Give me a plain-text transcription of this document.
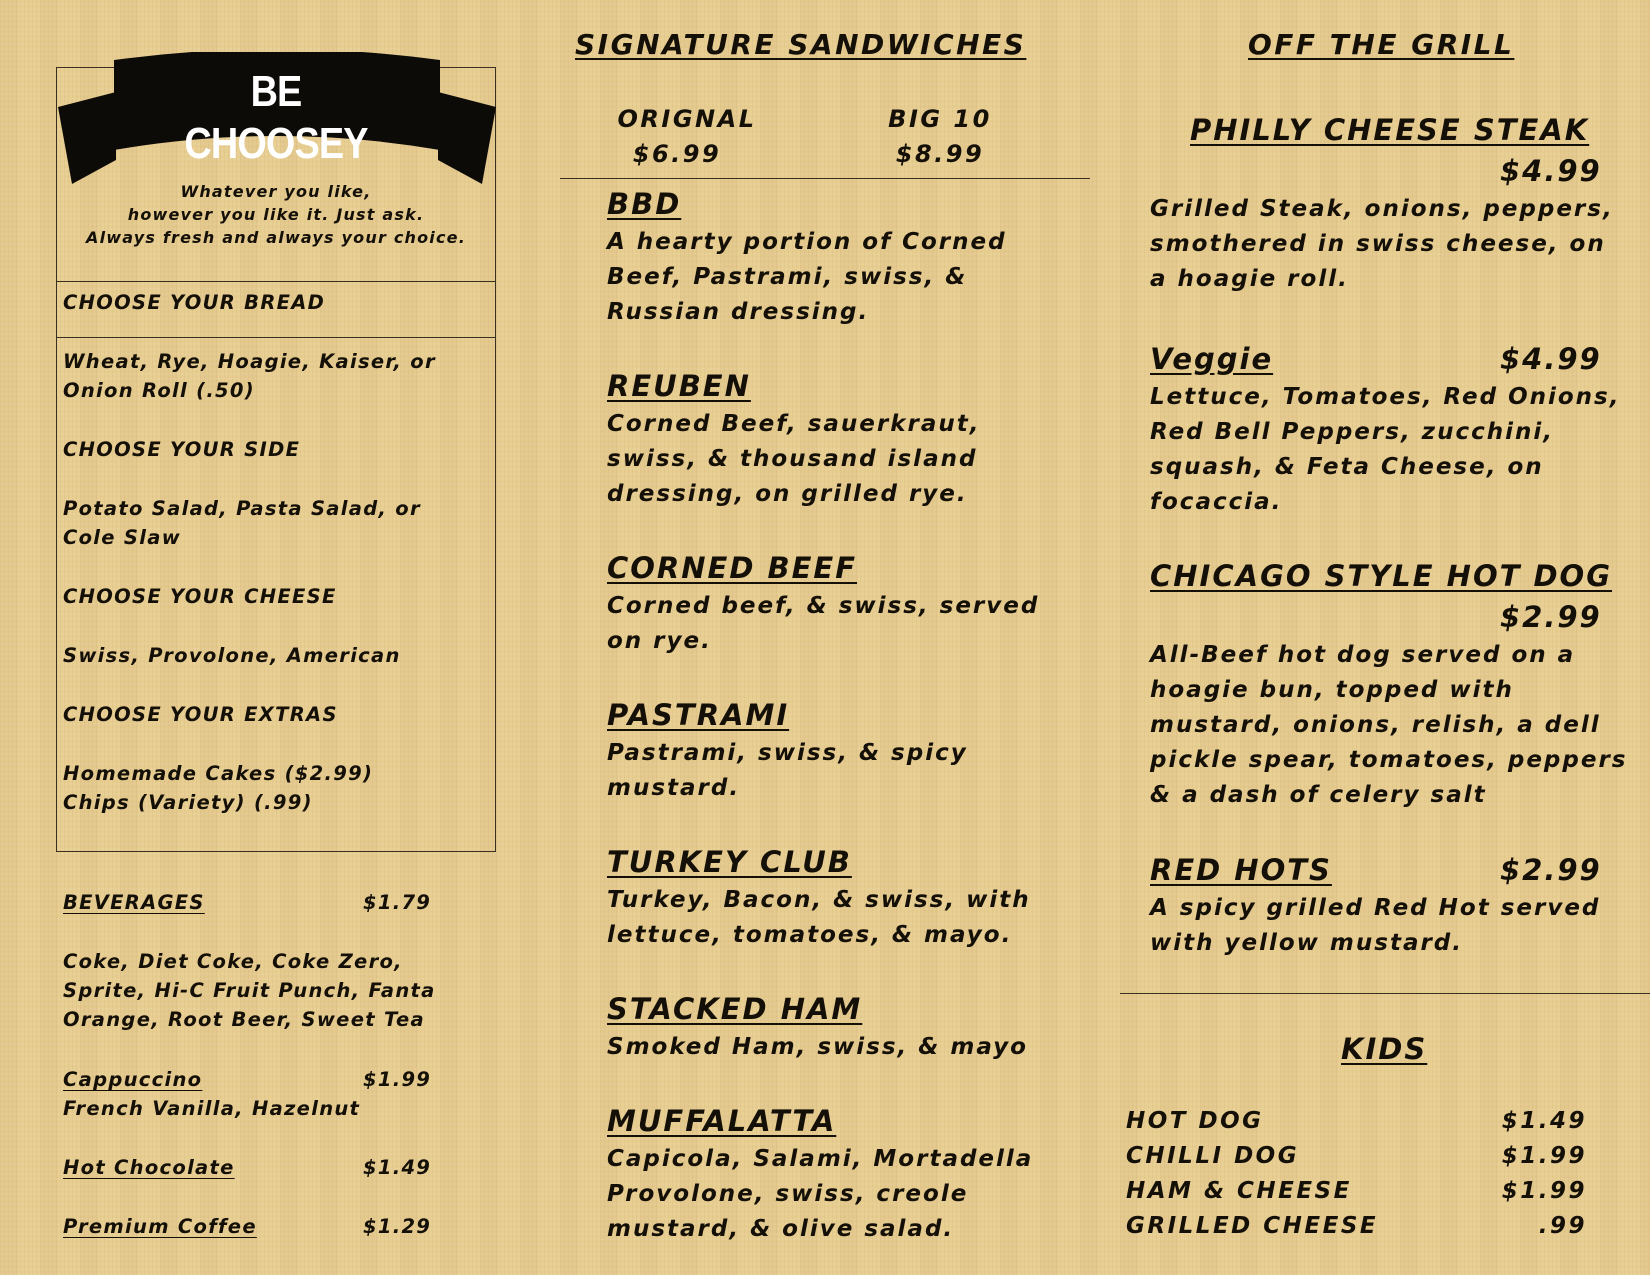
BE CHOOSEY
Whatever you like,
however you like it. Just ask.
Always fresh and always your choice.
CHOOSE YOUR BREAD
Wheat, Rye, Hoagie, Kaiser, or
Onion Roll (.50)
CHOOSE YOUR SIDE
Potato Salad, Pasta Salad, or
Cole Slaw
CHOOSE YOUR CHEESE
Swiss, Provolone, American
CHOOSE YOUR EXTRAS
Homemade Cakes ($2.99)
Chips (Variety) (.99)
BEVERAGES	$1.79
Coke, Diet Coke, Coke Zero,
Sprite, Hi-C Fruit Punch, Fanta
Orange, Root Beer, Sweet Tea
Cappuccino	$1.99
French Vanilla, Hazelnut
Hot Chocolate	$1.49
Premium Coffee	$1.29
SIGNATURE SANDWICHES
ORIGNAL
$6.99
BIG 10
$8.99
BBD
A hearty portion of Corned
Beef, Pastrami, swiss, &
Russian dressing.
REUBEN
Corned Beef, sauerkraut,
swiss, & thousand island
dressing, on grilled rye.
CORNED BEEF
Corned beef, & swiss, served
on rye.
PASTRAMI
Pastrami, swiss, & spicy
mustard.
TURKEY CLUB
Turkey, Bacon, & swiss, with
lettuce, tomatoes, & mayo.
STACKED HAM
Smoked Ham, swiss, & mayo
MUFFALATTA
Capicola, Salami, Mortadella
Provolone, swiss, creole
mustard, & olive salad.
OFF THE GRILL
PHILLY CHEESE STEAK
$4.99
Grilled Steak, onions, peppers,
smothered in swiss cheese, on
a hoagie roll.
Veggie	$4.99
Lettuce, Tomatoes, Red Onions,
Red Bell Peppers, zucchini,
squash, & Feta Cheese, on
focaccia.
CHICAGO STYLE HOT DOG
$2.99
All-Beef hot dog served on a
hoagie bun, topped with
mustard, onions, relish, a dell
pickle spear, tomatoes, peppers
& a dash of celery salt
RED HOTS	$2.99
A spicy grilled Red Hot served
with yellow mustard.
KIDS
HOT DOG	$1.49
CHILLI DOG	$1.99
HAM & CHEESE	$1.99
GRILLED CHEESE	.99
